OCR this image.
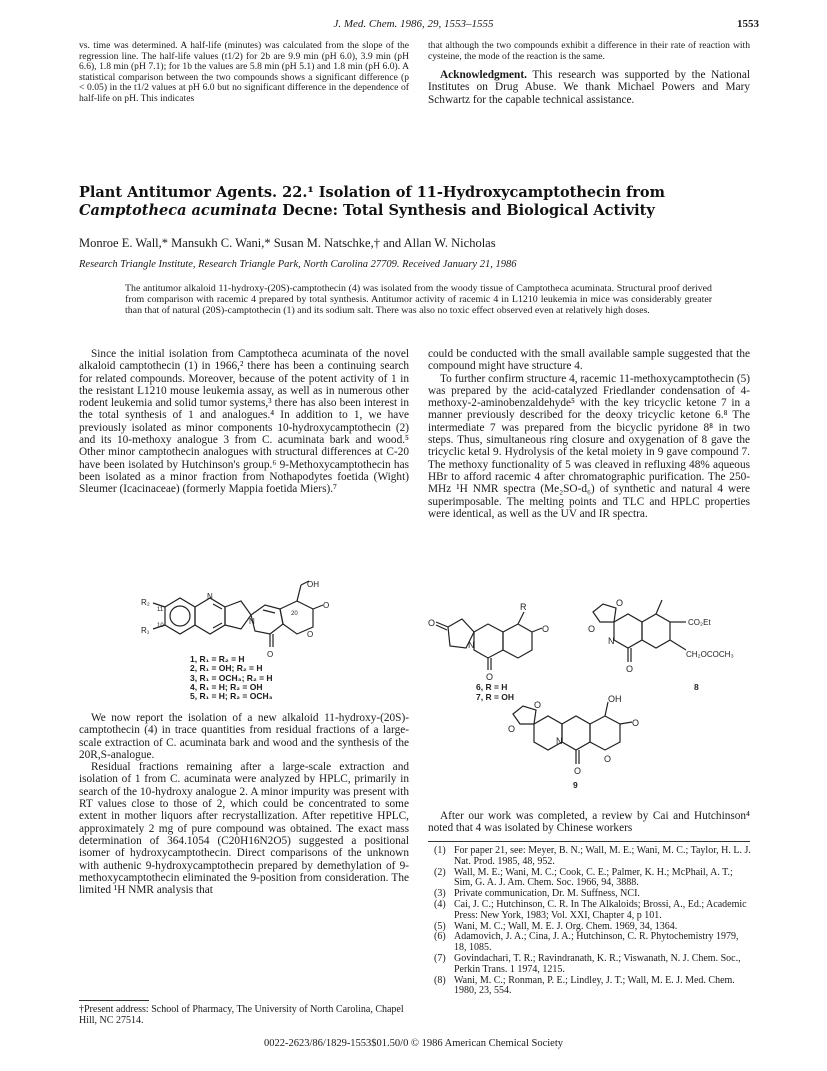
J. Med. Chem. 1986, 29, 1553–1555	1553

vs. time was determined. A half-life (minutes) was calculated from the slope of the regression line. The half-life values (t1/2) for 2b are 9.9 min (pH 6.0), 3.9 min (pH 6.6), 1.8 min (pH 7.1); for 1b the values are 5.8 min (pH 5.1) and 1.8 min (pH 6.0). A statistical comparison between the two compounds shows a significant difference (p < 0.05) in the t1/2 values at pH 6.0 but no significant difference in the dependence of half-life on pH. This indicates

that although the two compounds exhibit a difference in their rate of reaction with cysteine, the mode of the reaction is the same.

Acknowledgment. This research was supported by the National Institutes on Drug Abuse. We thank Michael Powers and Mary Schwartz for the capable technical assistance.

Plant Antitumor Agents. 22.¹ Isolation of 11-Hydroxycamptothecin from
Camptotheca acuminata Decne: Total Synthesis and Biological Activity
Monroe E. Wall,* Mansukh C. Wani,* Susan M. Natschke,† and Allan W. Nicholas
Research Triangle Institute, Research Triangle Park, North Carolina 27709. Received January 21, 1986
The antitumor alkaloid 11-hydroxy-(20S)-camptothecin (4) was isolated from the woody tissue of Camptotheca acuminata. Structural proof derived from comparison with racemic 4 prepared by total synthesis. Antitumor activity of racemic 4 in L1210 leukemia in mice was considerably greater than that of natural (20S)-camptothecin (1) and its sodium salt. There was also no toxic effect observed even at relatively high doses.

Since the initial isolation from Camptotheca acuminata of the novel alkaloid camptothecin (1) in 1966,² there has been a continuing search for related compounds. Moreover, because of the potent activity of 1 in the resistant L1210 mouse leukemia assay, as well as in numerous other rodent leukemia and solid tumor systems,³ there has also been interest in the total synthesis of 1 and analogues.⁴ In addition to 1, we have previously isolated as minor components 10-hydroxycamptothecin (2) and its 10-methoxy analogue 3 from C. acuminata bark and wood.⁵ Other minor camptothecin analogues with structural differences at C-20 have been isolated by Hutchinson's group.⁶ 9-Methoxycamptothecin has been isolated as a minor fraction from Nothapodytes foetida (Wight) Sleumer (Icacinaceae) (formerly Mappia foetida Miers).⁷

R₂
11
R₁ 10
N
N
OH
20
O
O
O
1, R₁ = R₂ = H
2, R₁ = OH; R₂ = H
3, R₁ = OCH₃; R₂ = H
4, R₁ = H; R₂ = OH
5, R₁ = H; R₂ = OCH₃

We now report the isolation of a new alkaloid 11-hydroxy-(20S)-camptothecin (4) in trace quantities from residual fractions of a large-scale extraction of C. acuminata bark and wood and the synthesis of the 20R,S-analogue.

Residual fractions remaining after a large-scale extraction and isolation of 1 from C. acuminata were analyzed by HPLC, primarily in search of the 10-hydroxy analogue 2. A minor impurity was present with RT values close to those of 2, which could be concentrated to some extent in mother liquors after recrystallization. After repetitive HPLC, approximately 2 mg of pure compound was obtained. The exact mass determination of 364.1054 (C20H16N2O5) suggested a positional isomer of hydroxycamptothecin. Direct comparisons of the unknown with authenic 9-hydroxycamptothecin prepared by demethylation of 9-methoxycamptothecin eliminated the 9-position from consideration. The limited ¹H NMR analysis that

†Present address: School of Pharmacy, The University of North Carolina, Chapel Hill, NC 27514.

could be conducted with the small available sample suggested that the compound might have structure 4.

To further confirm structure 4, racemic 11-methoxycamptothecin (5) was prepared by the acid-catalyzed Friedlander condensation of 4-methoxy-2-aminobenzaldehyde⁵ with the key tricyclic ketone 7 in a manner previously described for the deoxy tricyclic ketone 6.⁸ The intermediate 7 was prepared from the bicyclic pyridone 8⁸ in two steps. Thus, simultaneous ring closure and oxygenation of 8 gave the tricyclic ketal 9. Hydrolysis of the ketal moiety in 9 gave compound 7. The methoxy functionality of 5 was cleaved in refluxing 48% aqueous HBr to afford racemic 4 after chromatographic purification. The 250-MHz ¹H NMR spectra (Me₂SO-d₆) of synthetic and natural 4 were superimposable. The melting points and TLC and HPLC properties were identical, as well as the UV and IR spectra.

O
R
O
N
O
6, R = H
7, R = OH
O
O
CO₂Et
N
CH₂OCOCH₃
O
8
OH
O
O
N
O
O
O
9

After our work was completed, a review by Cai and Hutchinson⁴ noted that 4 was isolated by Chinese workers

(1) For paper 21, see: Meyer, B. N.; Wall, M. E.; Wani, M. C.; Taylor, H. L. J. Nat. Prod. 1985, 48, 952.
(2) Wall, M. E.; Wani, M. C.; Cook, C. E.; Palmer, K. H.; McPhail, A. T.; Sim, G. A. J. Am. Chem. Soc. 1966, 94, 3888.
(3) Private communication, Dr. M. Suffness, NCI.
(4) Cai, J. C.; Hutchinson, C. R. In The Alkaloids; Brossi, A., Ed.; Academic Press: New York, 1983; Vol. XXI, Chapter 4, p 101.
(5) Wani, M. C.; Wall, M. E. J. Org. Chem. 1969, 34, 1364.
(6) Adamovich, J. A.; Cina, J. A.; Hutchinson, C. R. Phytochemistry 1979, 18, 1085.
(7) Govindachari, T. R.; Ravindranath, K. R.; Viswanath, N. J. Chem. Soc., Perkin Trans. 1 1974, 1215.
(8) Wani, M. C.; Ronman, P. E.; Lindley, J. T.; Wall, M. E. J. Med. Chem. 1980, 23, 554.
0022-2623/86/1829-1553$01.50/0 © 1986 American Chemical Society
